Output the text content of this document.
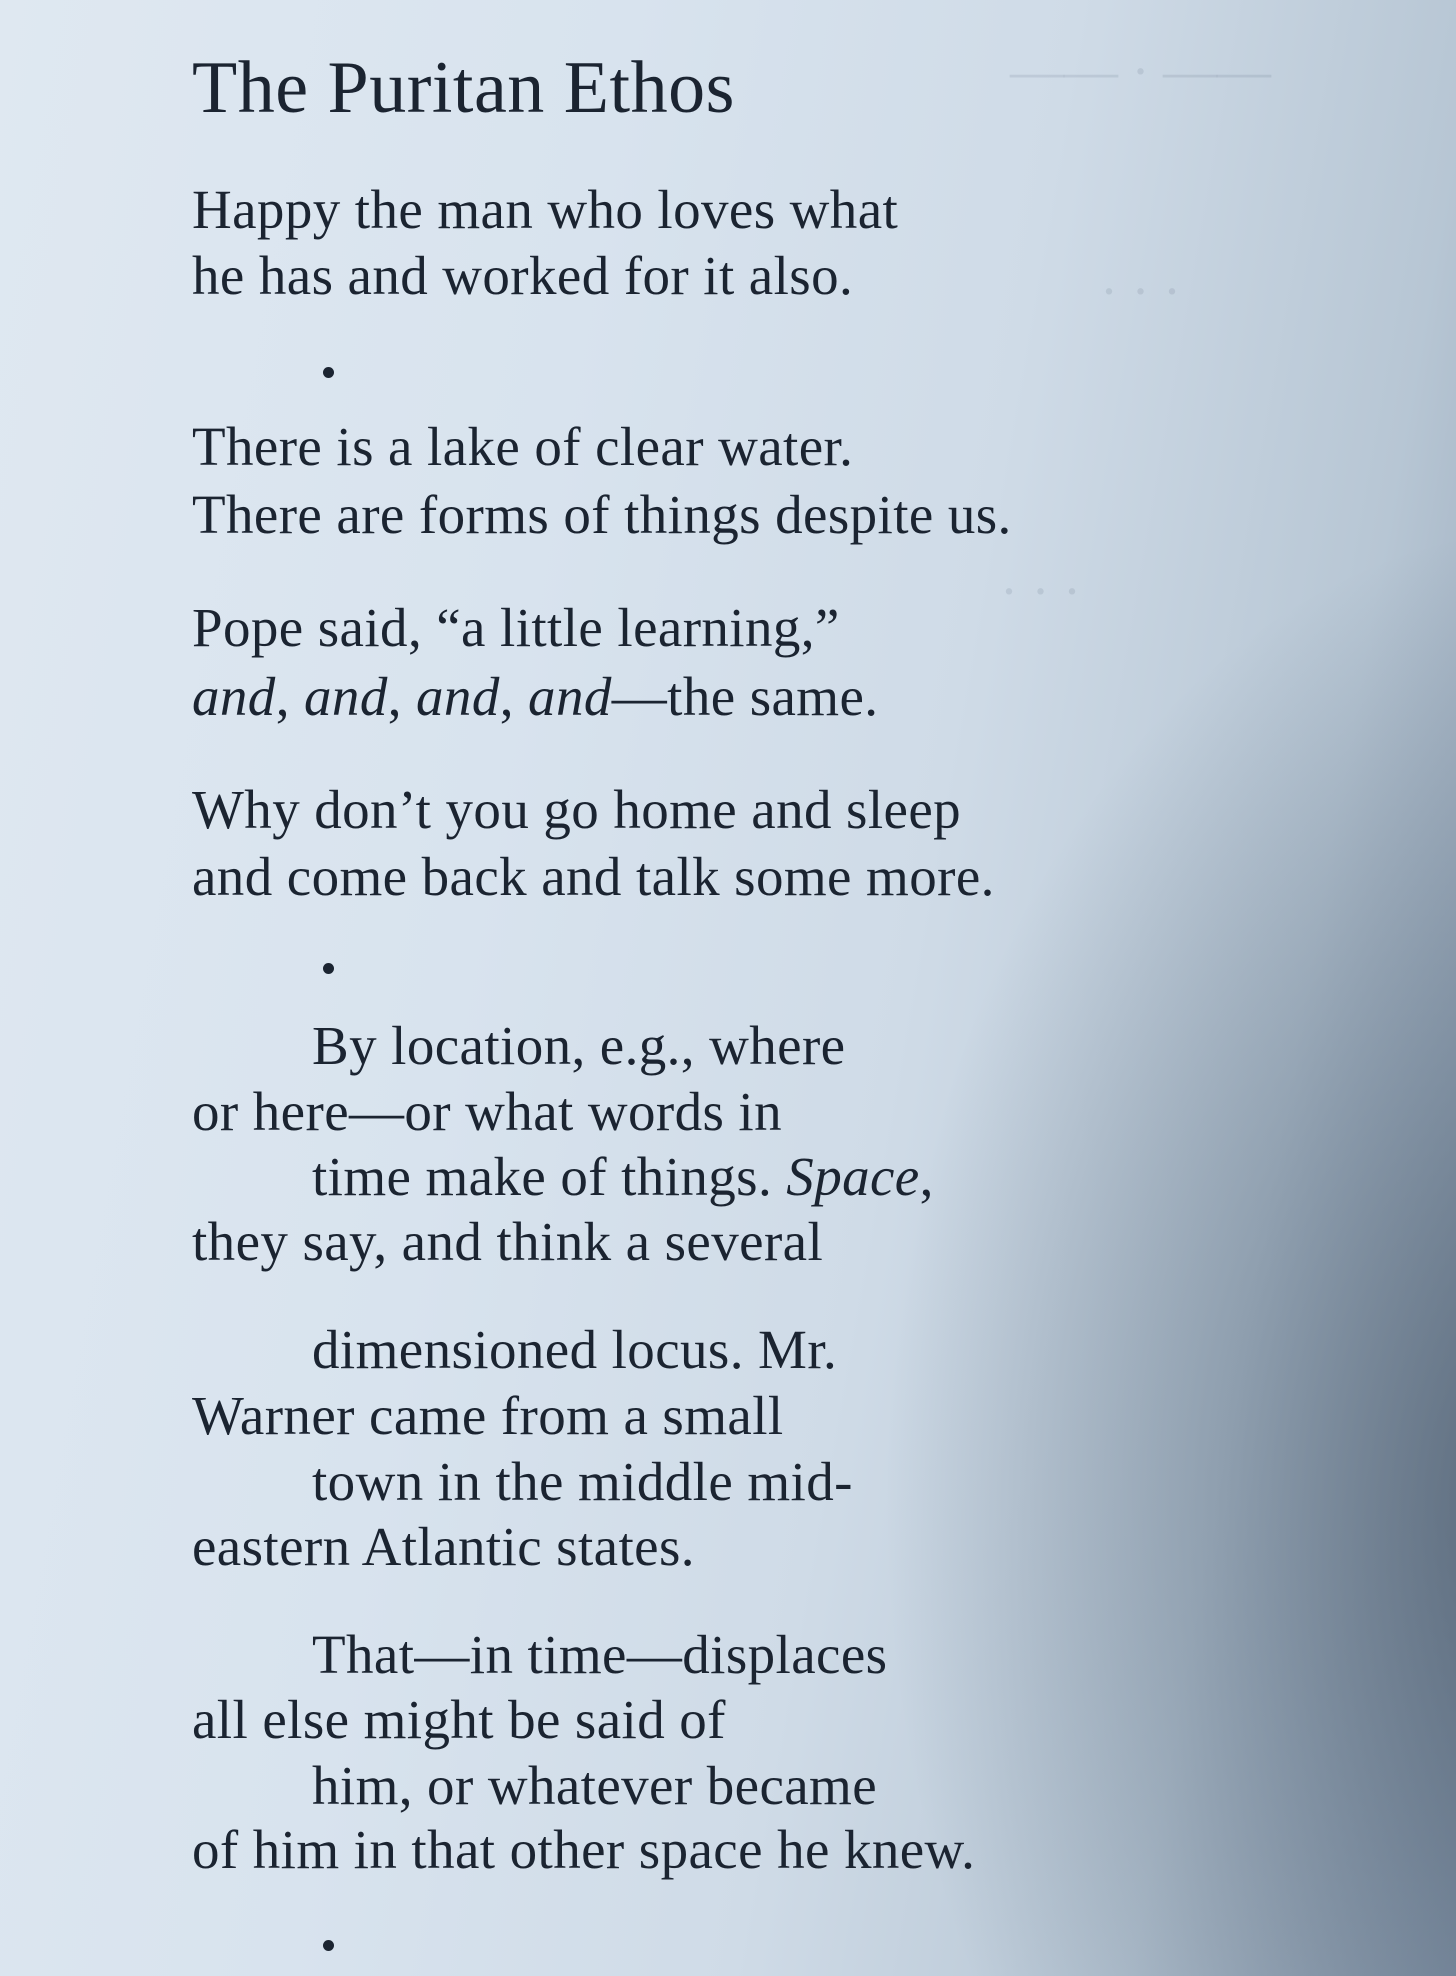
—— · ——
· · ·
· · ·
The Puritan Ethos
Happy the man who loves what
he has and worked for it also.
There is a lake of clear water.
There are forms of things despite us.
Pope said, “a little learning,”
and, and, and, and—the same.
Why don’t you go home and sleep
and come back and talk some more.
By location, e.g., where
or here—or what words in
time make of things. Space,
they say, and think a several
dimensioned locus. Mr.
Warner came from a small
town in the middle mid-
eastern Atlantic states.
That—in time—displaces
all else might be said of
him, or whatever became
of him in that other space he knew.
